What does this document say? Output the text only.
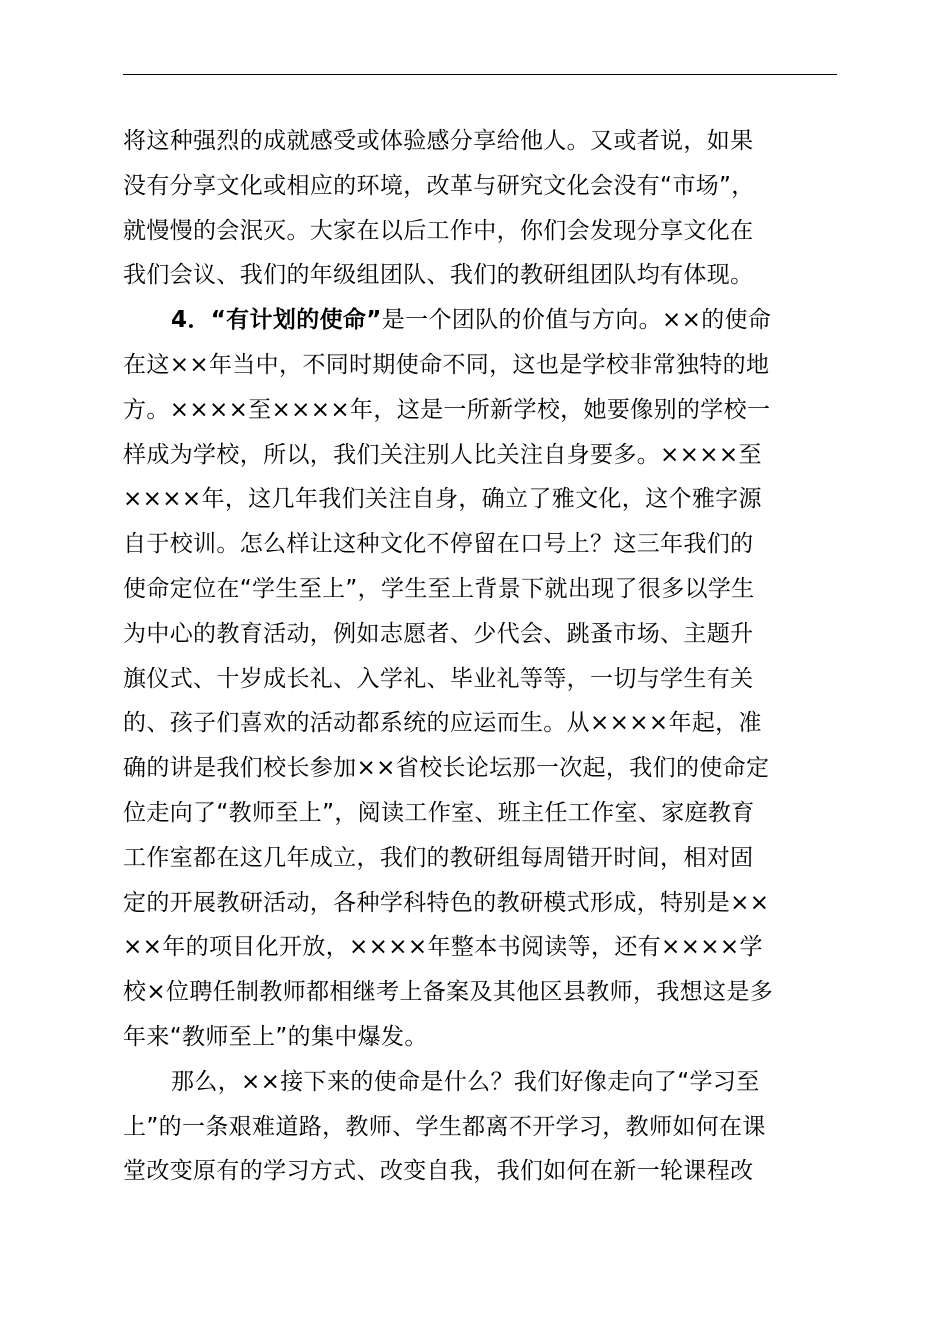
将这种强烈的成就感受或体验感分享给他人。又或者说，如果
没有分享文化或相应的环境，改革与研究文化会没有“市场”，
就慢慢的会泯灭。大家在以后工作中，你们会发现分享文化在
我们会议、我们的年级组团队、我们的教研组团队均有体现。
4．“有计划的使命”是一个团队的价值与方向。××的使命
在这××年当中，不同时期使命不同，这也是学校非常独特的地
方。××××至××××年，这是一所新学校，她要像别的学校一
样成为学校，所以，我们关注别人比关注自身要多。××××至
××××年，这几年我们关注自身，确立了雅文化，这个雅字源
自于校训。怎么样让这种文化不停留在口号上？这三年我们的
使命定位在“学生至上”，学生至上背景下就出现了很多以学生
为中心的教育活动，例如志愿者、少代会、跳蚤市场、主题升
旗仪式、十岁成长礼、入学礼、毕业礼等等，一切与学生有关
的、孩子们喜欢的活动都系统的应运而生。从××××年起，准
确的讲是我们校长参加××省校长论坛那一次起，我们的使命定
位走向了“教师至上”，阅读工作室、班主任工作室、家庭教育
工作室都在这几年成立，我们的教研组每周错开时间，相对固
定的开展教研活动，各种学科特色的教研模式形成，特别是××
××年的项目化开放，××××年整本书阅读等，还有××××学
校×位聘任制教师都相继考上备案及其他区县教师，我想这是多
年来“教师至上”的集中爆发。
那么，××接下来的使命是什么？我们好像走向了“学习至
上”的一条艰难道路，教师、学生都离不开学习，教师如何在课
堂改变原有的学习方式、改变自我，我们如何在新一轮课程改
